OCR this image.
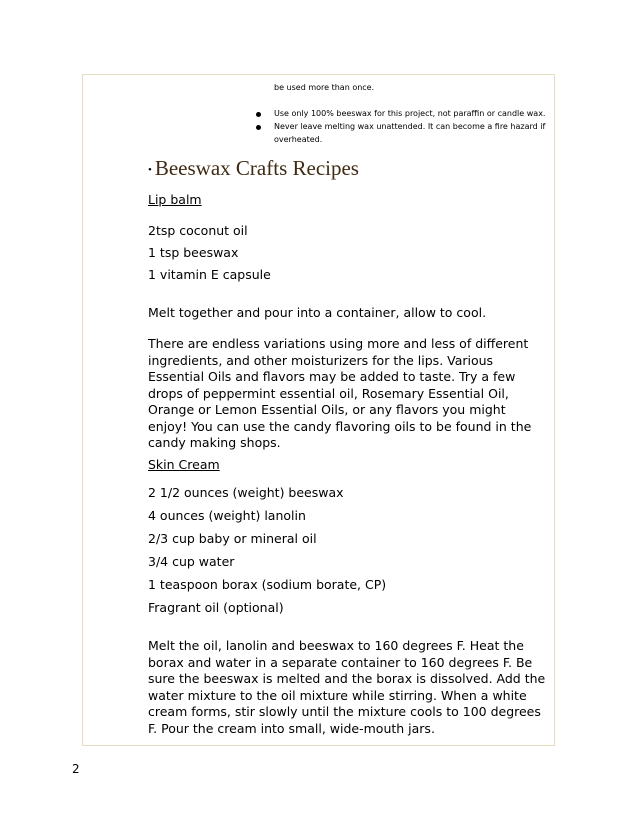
be used more than once.
Use only 100% beeswax for this project, not paraffin or candle wax.
Never leave melting wax unattended. It can become a fire hazard if
overheated.
• Beeswax Crafts Recipes
Lip balm
2tsp coconut oil
1 tsp beeswax
1 vitamin E capsule
Melt together and pour into a container, allow to cool.
There are endless variations using more and less of different
ingredients, and other moisturizers for the lips. Various
Essential Oils and flavors may be added to taste. Try a few
drops of peppermint essential oil, Rosemary Essential Oil,
Orange or Lemon Essential Oils, or any flavors you might
enjoy! You can use the candy flavoring oils to be found in the
candy making shops.
Skin Cream
2 1/2 ounces (weight) beeswax
4 ounces (weight) lanolin
2/3 cup baby or mineral oil
3/4 cup water
1 teaspoon borax (sodium borate, CP)
Fragrant oil (optional)
Melt the oil, lanolin and beeswax to 160 degrees F. Heat the
borax and water in a separate container to 160 degrees F. Be
sure the beeswax is melted and the borax is dissolved. Add the
water mixture to the oil mixture while stirring. When a white
cream forms, stir slowly until the mixture cools to 100 degrees
F. Pour the cream into small, wide-mouth jars.
2
